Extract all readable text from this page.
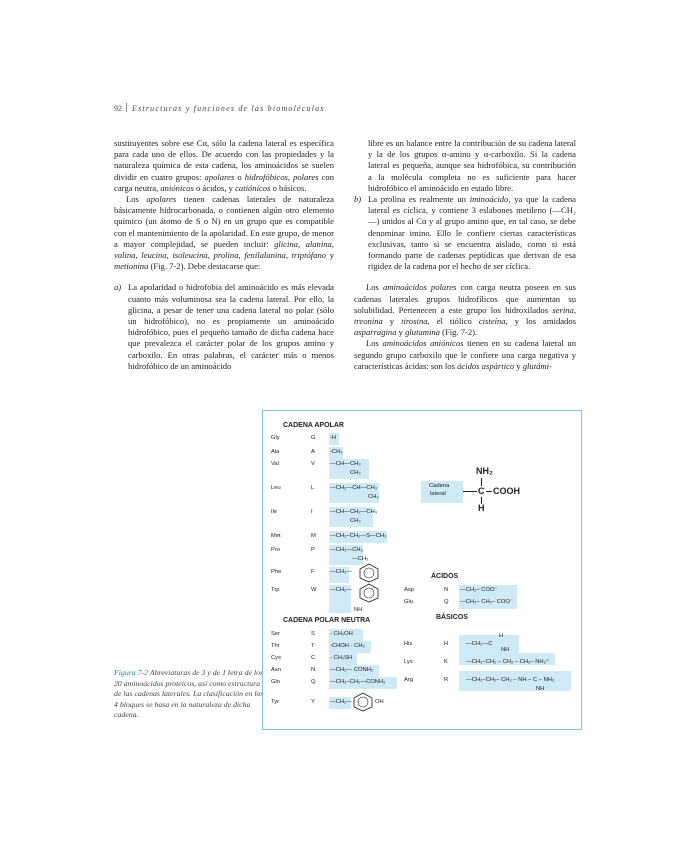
92 Estructuras y funciones de las biomoléculas

sustituyentes sobre ese Cα, sólo la cadena lateral es específica para cada uno de ellos. De acuerdo con las propiedades y la naturaleza química de esta cadena, los aminoácidos se suelen dividir en cuatro grupos: apolares o hidrofóbicos, polares con carga neutra, aniónicos o ácidos, y catiónicos o básicos.

Los apolares tienen cadenas laterales de naturaleza básicamente hidrocarbonada, o contienen algún otro elemento químico (un átomo de S o N) en un grupo que es compatible con el mantenimiento de la apolaridad. En este grupo, de menor a mayor complejidad, se pueden incluir: glicina, alanina, valina, leucina, isoleucina, prolina, fenilalanina, triptófano y metionina (Fig. 7-2). Debe destacarse que:

a) La apolaridad o hidrofobia del aminoácido es más elevada cuanto más voluminosa sea la cadena lateral. Por ello, la glicina, a pesar de tener una cadena lateral no polar (sólo un hidrofóbico), no es propiamente un aminoácido hidrofóbico, pues el pequeño tamaño de dicha cadena hace que prevalezca el carácter polar de los grupos amino y carboxilo. En otras palabras, el carácter más o menos hidrofóbico de un aminoácido
libre es un balance entre la contribución de su cadena lateral y la de los grupos α-amino y α-carboxilo. Si la cadena lateral es pequeña, aunque sea hidrofóbica, su contribución a la molécula completa no es suficiente para hacer hidrofóbico el aminoácido en estado libre.
b) La prolina es realmente un iminoácido, ya que la cadena lateral es cíclica, y contiene 3 eslabones metileno (—CH₂—) unidos al Cα y al grupo amino que, en tal caso, se debe denominar imino. Ello le confiere ciertas características exclusivas, tanto si se encuentra aislado, como si está formando parte de cadenas peptídicas que derivan de esa rigidez de la cadena por el hecho de ser cíclica.

Los aminoácidos polares con carga neutra poseen en sus cadenas laterales grupos hidrofílicos que aumentan su solubilidad. Pertenecen a este grupo los hidroxilados serina, treonina y tirosina, el tiólico cisteína, y los amidados asparragina y glutamina (Fig. 7-2).

Los aminoácidos aniónicos tienen en su cadena lateral un segundo grupo carboxilo que le confiere una carga negativa y características ácidas: son los ácidos aspártico y glutámi-

Figura 7-2 Abreviaturas de 3 y de 1 letra de los 20 aminoácidos proteicos, así como estructura de las cadenas laterales. La clasificación en los 4 bloques se basa en la naturaleza de dicha cadena.
CADENA APOLAR
CADENA POLAR NEUTRA
ÁCIDOS
BÁSICOS
Cadena
lateral
NH₂
C COOH
H
Gly	G -H
Ala	A	-CH₃
Val	V	—CH—CH₃
CH₃
Leu	L	—CH₂—CH—CH₃
CH₃
Ile	I	—CH—CH₂—CH₃
CH₃
Met	M —CH₂–CH₂—S—CH₃
Pro	P	—CH₂—CH₂
—CH₂
Phe	F	—CH₂—
Trp	W —CH₂—
NH
Ser	S	- CH₂OH
Thr	T	-CHOH - CH₃
Cys	C	- CH₂SH
Asn	N	—CH₂— CONH₂
Gln	Q —CH₂–CH₂—CONH₂
Tyr	Y	—CH₂—	OH
Asp	N —CH₂– COO⁻
Glu	Q —CH₂– CH₂– COO⁻
His	H	—CH₂—C
NH
H
Lys	K	—CH₂–CH₂ – CH₂ – CH₂– NH₂⁺
Arg	R	—CH₂–CH₂– CH₂ – NH – C – NH₂
NH
